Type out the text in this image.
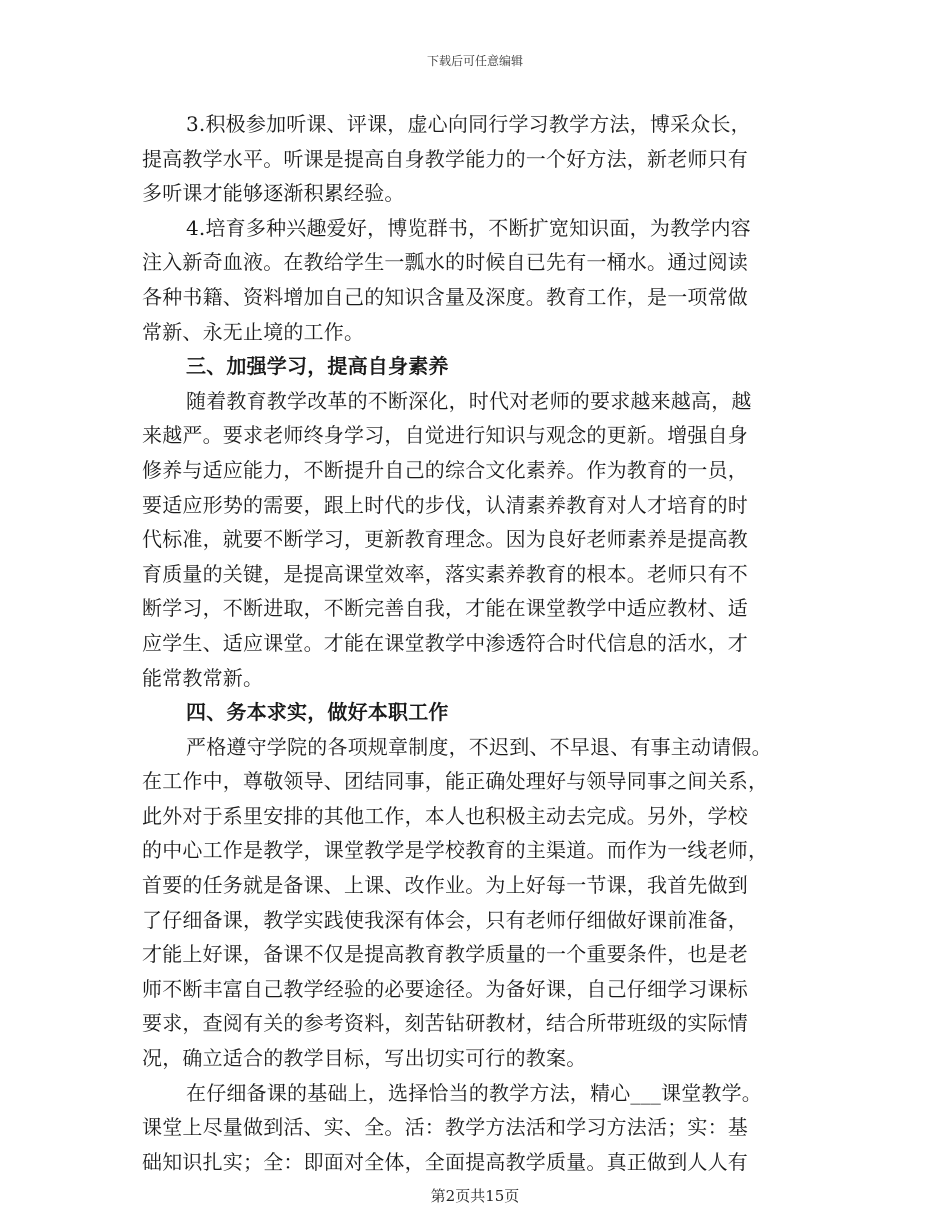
下载后可任意编辑
3.积极参加听课、评课，虚心向同行学习教学方法，博采众长，
提高教学水平。听课是提高自身教学能力的一个好方法，新老师只有
多听课才能够逐渐积累经验。
4.培育多种兴趣爱好，博览群书，不断扩宽知识面，为教学内容
注入新奇血液。在教给学生一瓢水的时候自已先有一桶水。通过阅读
各种书籍、资料增加自己的知识含量及深度。教育工作，是一项常做
常新、永无止境的工作。
三、加强学习，提高自身素养
随着教育教学改革的不断深化，时代对老师的要求越来越高，越
来越严。要求老师终身学习，自觉进行知识与观念的更新。增强自身
修养与适应能力，不断提升自己的综合文化素养。作为教育的一员，
要适应形势的需要，跟上时代的步伐，认清素养教育对人才培育的时
代标准，就要不断学习，更新教育理念。因为良好老师素养是提高教
育质量的关键，是提高课堂效率，落实素养教育的根本。老师只有不
断学习，不断进取，不断完善自我，才能在课堂教学中适应教材、适
应学生、适应课堂。才能在课堂教学中渗透符合时代信息的活水，才
能常教常新。
四、务本求实，做好本职工作
严格遵守学院的各项规章制度，不迟到、不早退、有事主动请假。
在工作中，尊敬领导、团结同事，能正确处理好与领导同事之间关系，
此外对于系里安排的其他工作，本人也积极主动去完成。另外，学校
的中心工作是教学，课堂教学是学校教育的主渠道。而作为一线老师，
首要的任务就是备课、上课、改作业。为上好每一节课，我首先做到
了仔细备课，教学实践使我深有体会，只有老师仔细做好课前准备，
才能上好课，备课不仅是提高教育教学质量的一个重要条件，也是老
师不断丰富自己教学经验的必要途径。为备好课，自己仔细学习课标
要求，查阅有关的参考资料，刻苦钻研教材，结合所带班级的实际情
况，确立适合的教学目标，写出切实可行的教案。
在仔细备课的基础上，选择恰当的教学方法，精心___课堂教学。
课堂上尽量做到活、实、全。活：教学方法活和学习方法活；实：基
础知识扎实；全：即面对全体，全面提高教学质量。真正做到人人有
第2页共15页
